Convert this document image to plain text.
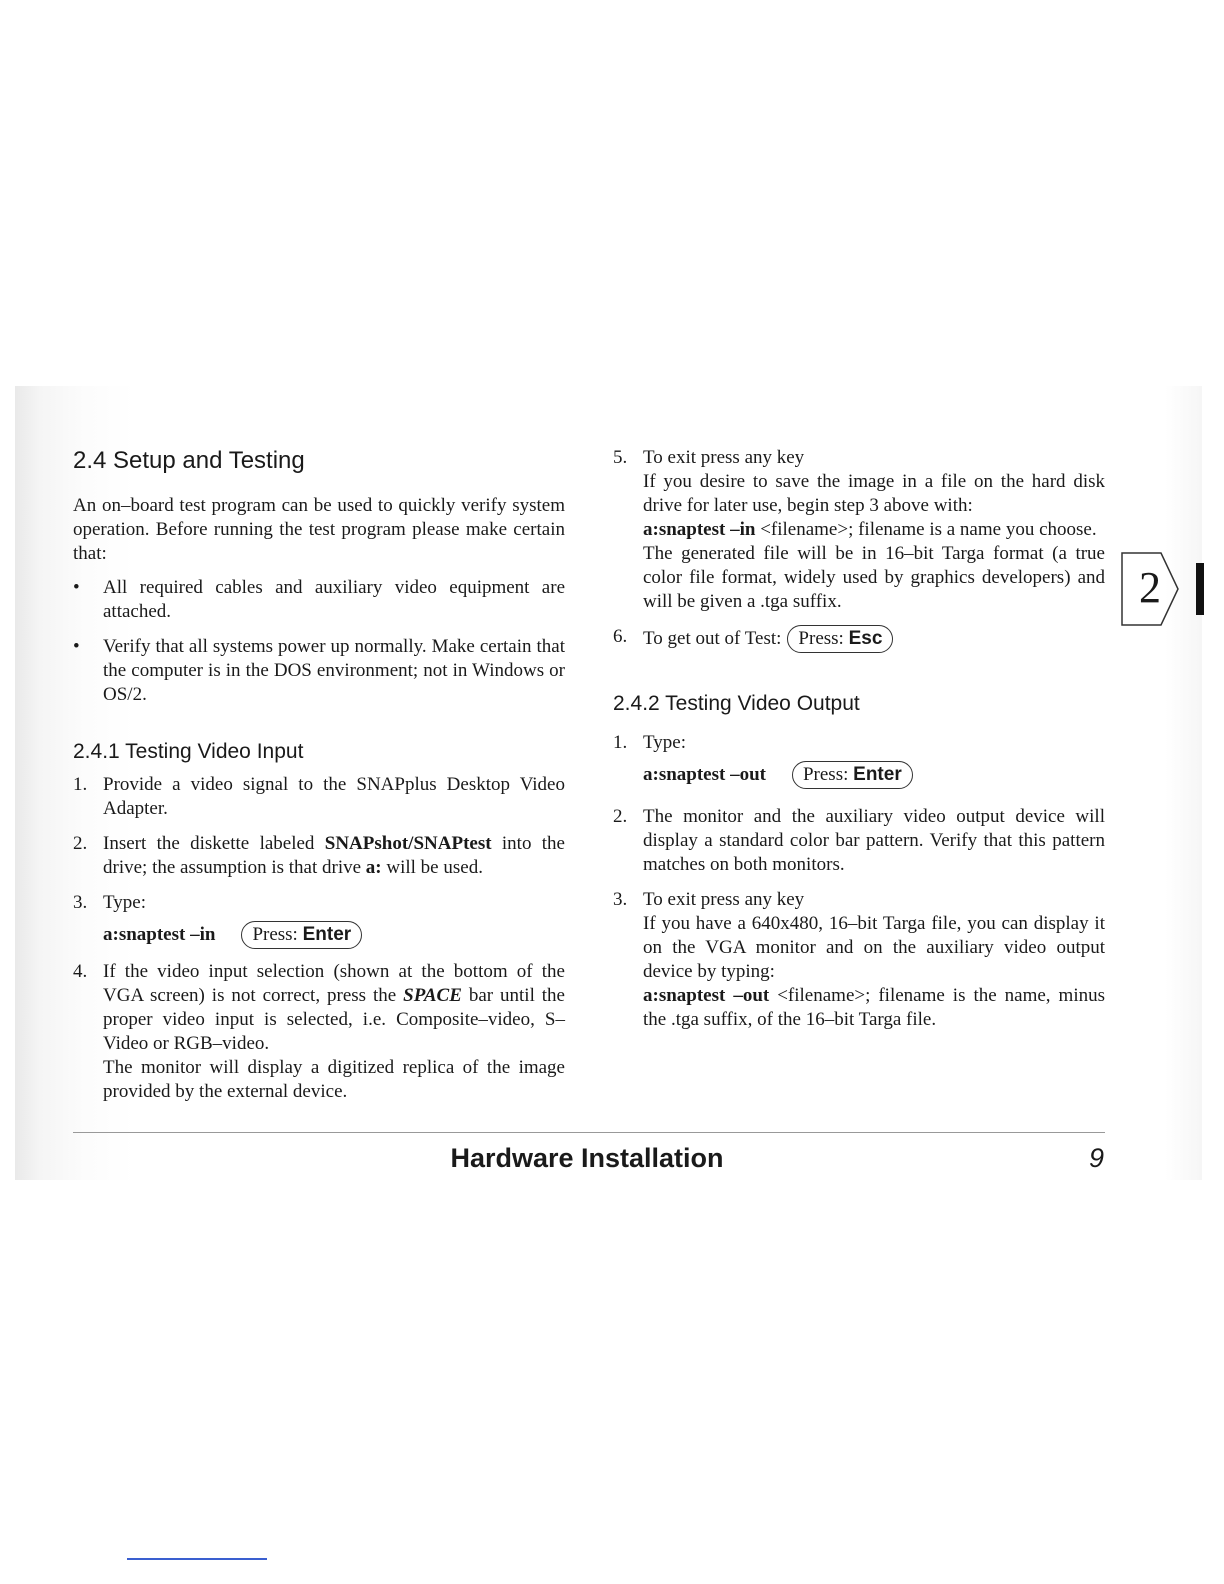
2.4 Setup and Testing

An on–board test program can be used to quickly verify system operation. Before running the test program please make certain that:

• All required cables and auxiliary video equipment are attached.

• Verify that all systems power up normally. Make certain that the computer is in the DOS environment; not in Windows or OS/2.

2.4.1 Testing Video Input
1. Provide a video signal to the SNAPplus Desktop Video Adapter.

2. Insert the diskette labeled SNAPshot/SNAPtest into the drive; the assumption is that drive a: will be used.

3. Type:

a:snaptest –in	Press: Enter
4. If the video input selection (shown at the bottom of the VGA screen) is not correct, press the SPACE bar until the proper video input is selected, i.e. Composite–video, S–Video or RGB–video.

The monitor will display a digitized replica of the image provided by the external device.

5. To exit press any key

If you desire to save the image in a file on the hard disk drive for later use, begin step 3 above with:

a:snaptest –in <filename>; filename is a name you choose.

The generated file will be in 16–bit Targa format (a true color file format, widely used by graphics developers) and will be given a .tga suffix.

6. To get out of Test: Press: Esc

2.4.2 Testing Video Output
1. Type:

a:snaptest –out	Press: Enter
2. The monitor and the auxiliary video output device will display a standard color bar pattern. Verify that this pattern matches on both monitors.

3. To exit press any key

If you have a 640x480, 16–bit Targa file, you can display it on the VGA monitor and on the auxiliary video output device by typing:

a:snaptest –out <filename>; filename is the name, minus the .tga suffix, of the 16–bit Targa file.

2
Hardware Installation	9
